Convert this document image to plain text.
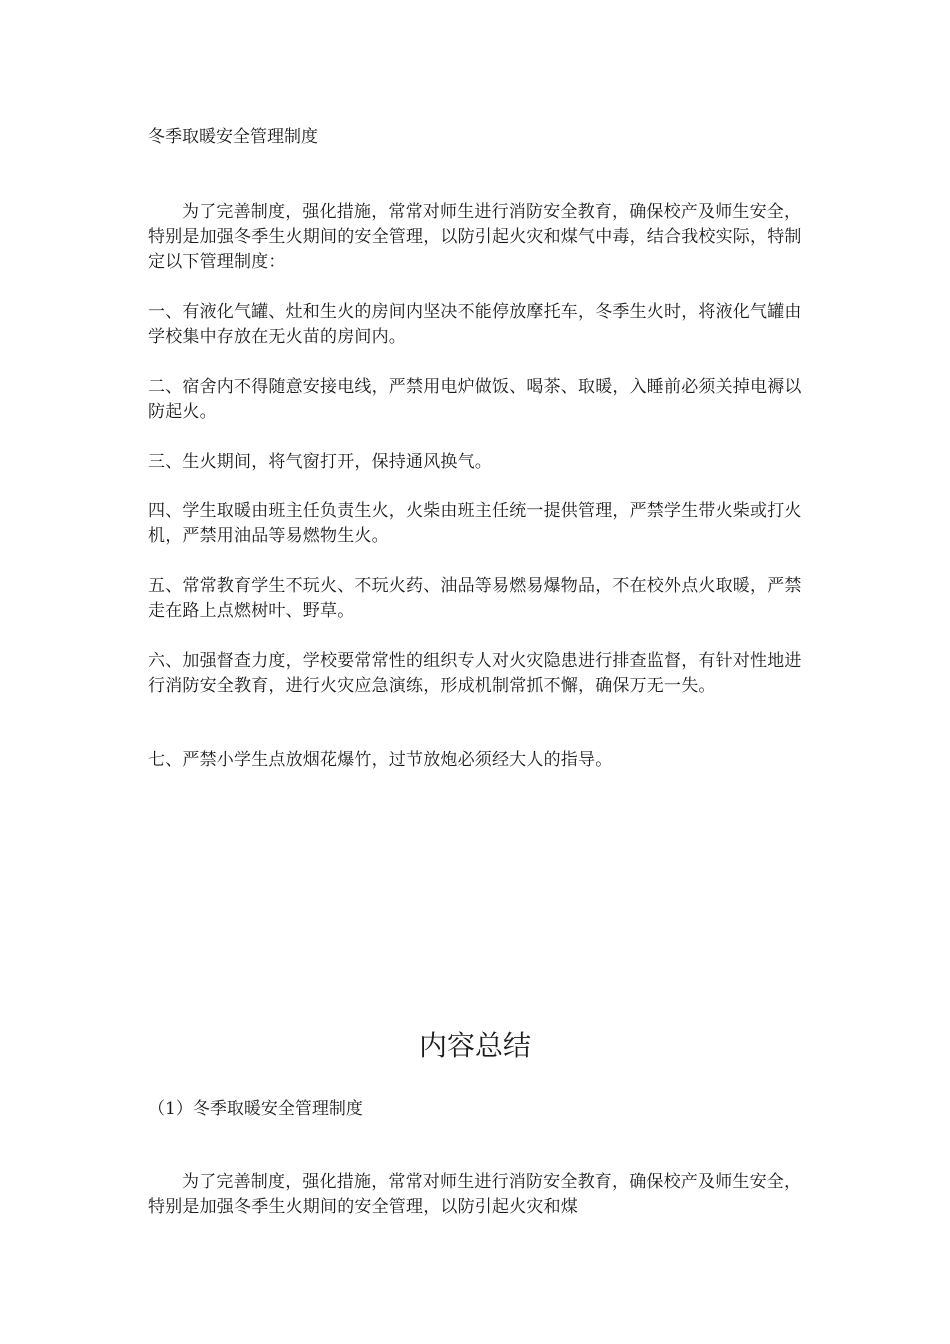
冬季取暖安全管理制度

为了完善制度，强化措施，常常对师生进行消防安全教育，确保校产及师生安全，特别是加强冬季生火期间的安全管理，以防引起火灾和煤气中毒，结合我校实际，特制定以下管理制度：

一、有液化气罐、灶和生火的房间内坚决不能停放摩托车，冬季生火时，将液化气罐由学校集中存放在无火苗的房间内。

二、宿舍内不得随意安接电线，严禁用电炉做饭、喝茶、取暖，入睡前必须关掉电褥以防起火。

三、生火期间，将气窗打开，保持通风换气。

四、学生取暖由班主任负责生火，火柴由班主任统一提供管理，严禁学生带火柴或打火机，严禁用油品等易燃物生火。

五、常常教育学生不玩火、不玩火药、油品等易燃易爆物品，不在校外点火取暖，严禁走在路上点燃树叶、野草。

六、加强督查力度，学校要常常性的组织专人对火灾隐患进行排查监督，有针对性地进行消防安全教育，进行火灾应急演练，形成机制常抓不懈，确保万无一失。

七、严禁小学生点放烟花爆竹，过节放炮必须经大人的指导。

内容总结
（1）冬季取暖安全管理制度

为了完善制度，强化措施，常常对师生进行消防安全教育，确保校产及师生安全，特别是加强冬季生火期间的安全管理，以防引起火灾和煤
